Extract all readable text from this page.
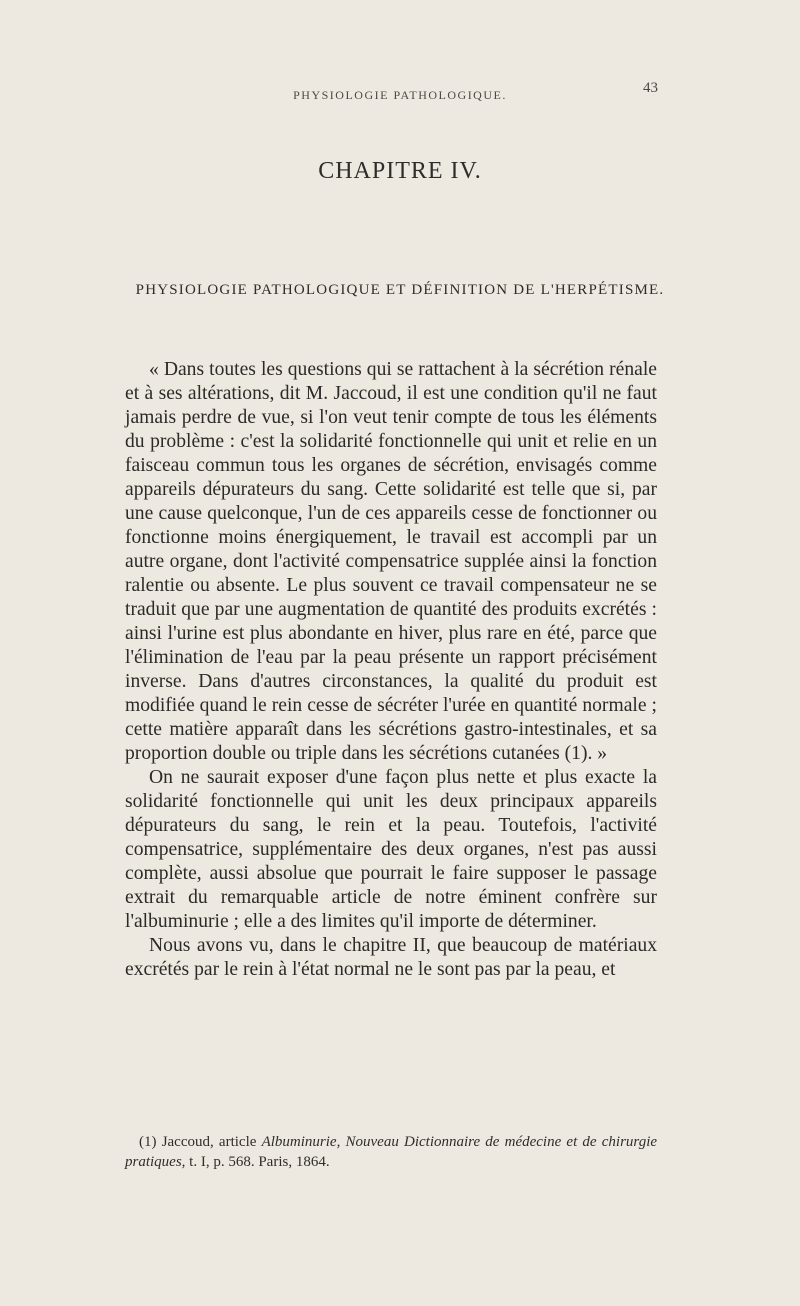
PHYSIOLOGIE PATHOLOGIQUE.	43
CHAPITRE IV.
PHYSIOLOGIE PATHOLOGIQUE ET DÉFINITION DE L'HERPÉTISME.

« Dans toutes les questions qui se rattachent à la sécrétion rénale et à ses altérations, dit M. Jaccoud, il est une condition qu'il ne faut jamais perdre de vue, si l'on veut tenir compte de tous les éléments du problème : c'est la solidarité fonctionnelle qui unit et relie en un faisceau commun tous les organes de sécrétion, envisagés comme appareils dépurateurs du sang. Cette solidarité est telle que si, par une cause quelconque, l'un de ces appareils cesse de fonctionner ou fonctionne moins énergiquement, le travail est accompli par un autre organe, dont l'activité compensatrice supplée ainsi la fonction ralentie ou absente. Le plus souvent ce travail compensateur ne se traduit que par une augmentation de quantité des produits excrétés : ainsi l'urine est plus abondante en hiver, plus rare en été, parce que l'élimination de l'eau par la peau présente un rapport précisément inverse. Dans d'autres circonstances, la qualité du produit est modifiée quand le rein cesse de sécréter l'urée en quantité normale ; cette matière apparaît dans les sécrétions gastro-intestinales, et sa proportion double ou triple dans les sécrétions cutanées (1). »

On ne saurait exposer d'une façon plus nette et plus exacte la solidarité fonctionnelle qui unit les deux principaux appareils dépurateurs du sang, le rein et la peau. Toutefois, l'activité compensatrice, supplémentaire des deux organes, n'est pas aussi complète, aussi absolue que pourrait le faire supposer le passage extrait du remarquable article de notre éminent confrère sur l'albuminurie ; elle a des limites qu'il importe de déterminer.

Nous avons vu, dans le chapitre II, que beaucoup de matériaux excrétés par le rein à l'état normal ne le sont pas par la peau, et

(1) Jaccoud, article Albuminurie, Nouveau Dictionnaire de médecine et de chirurgie pratiques, t. I, p. 568. Paris, 1864.
